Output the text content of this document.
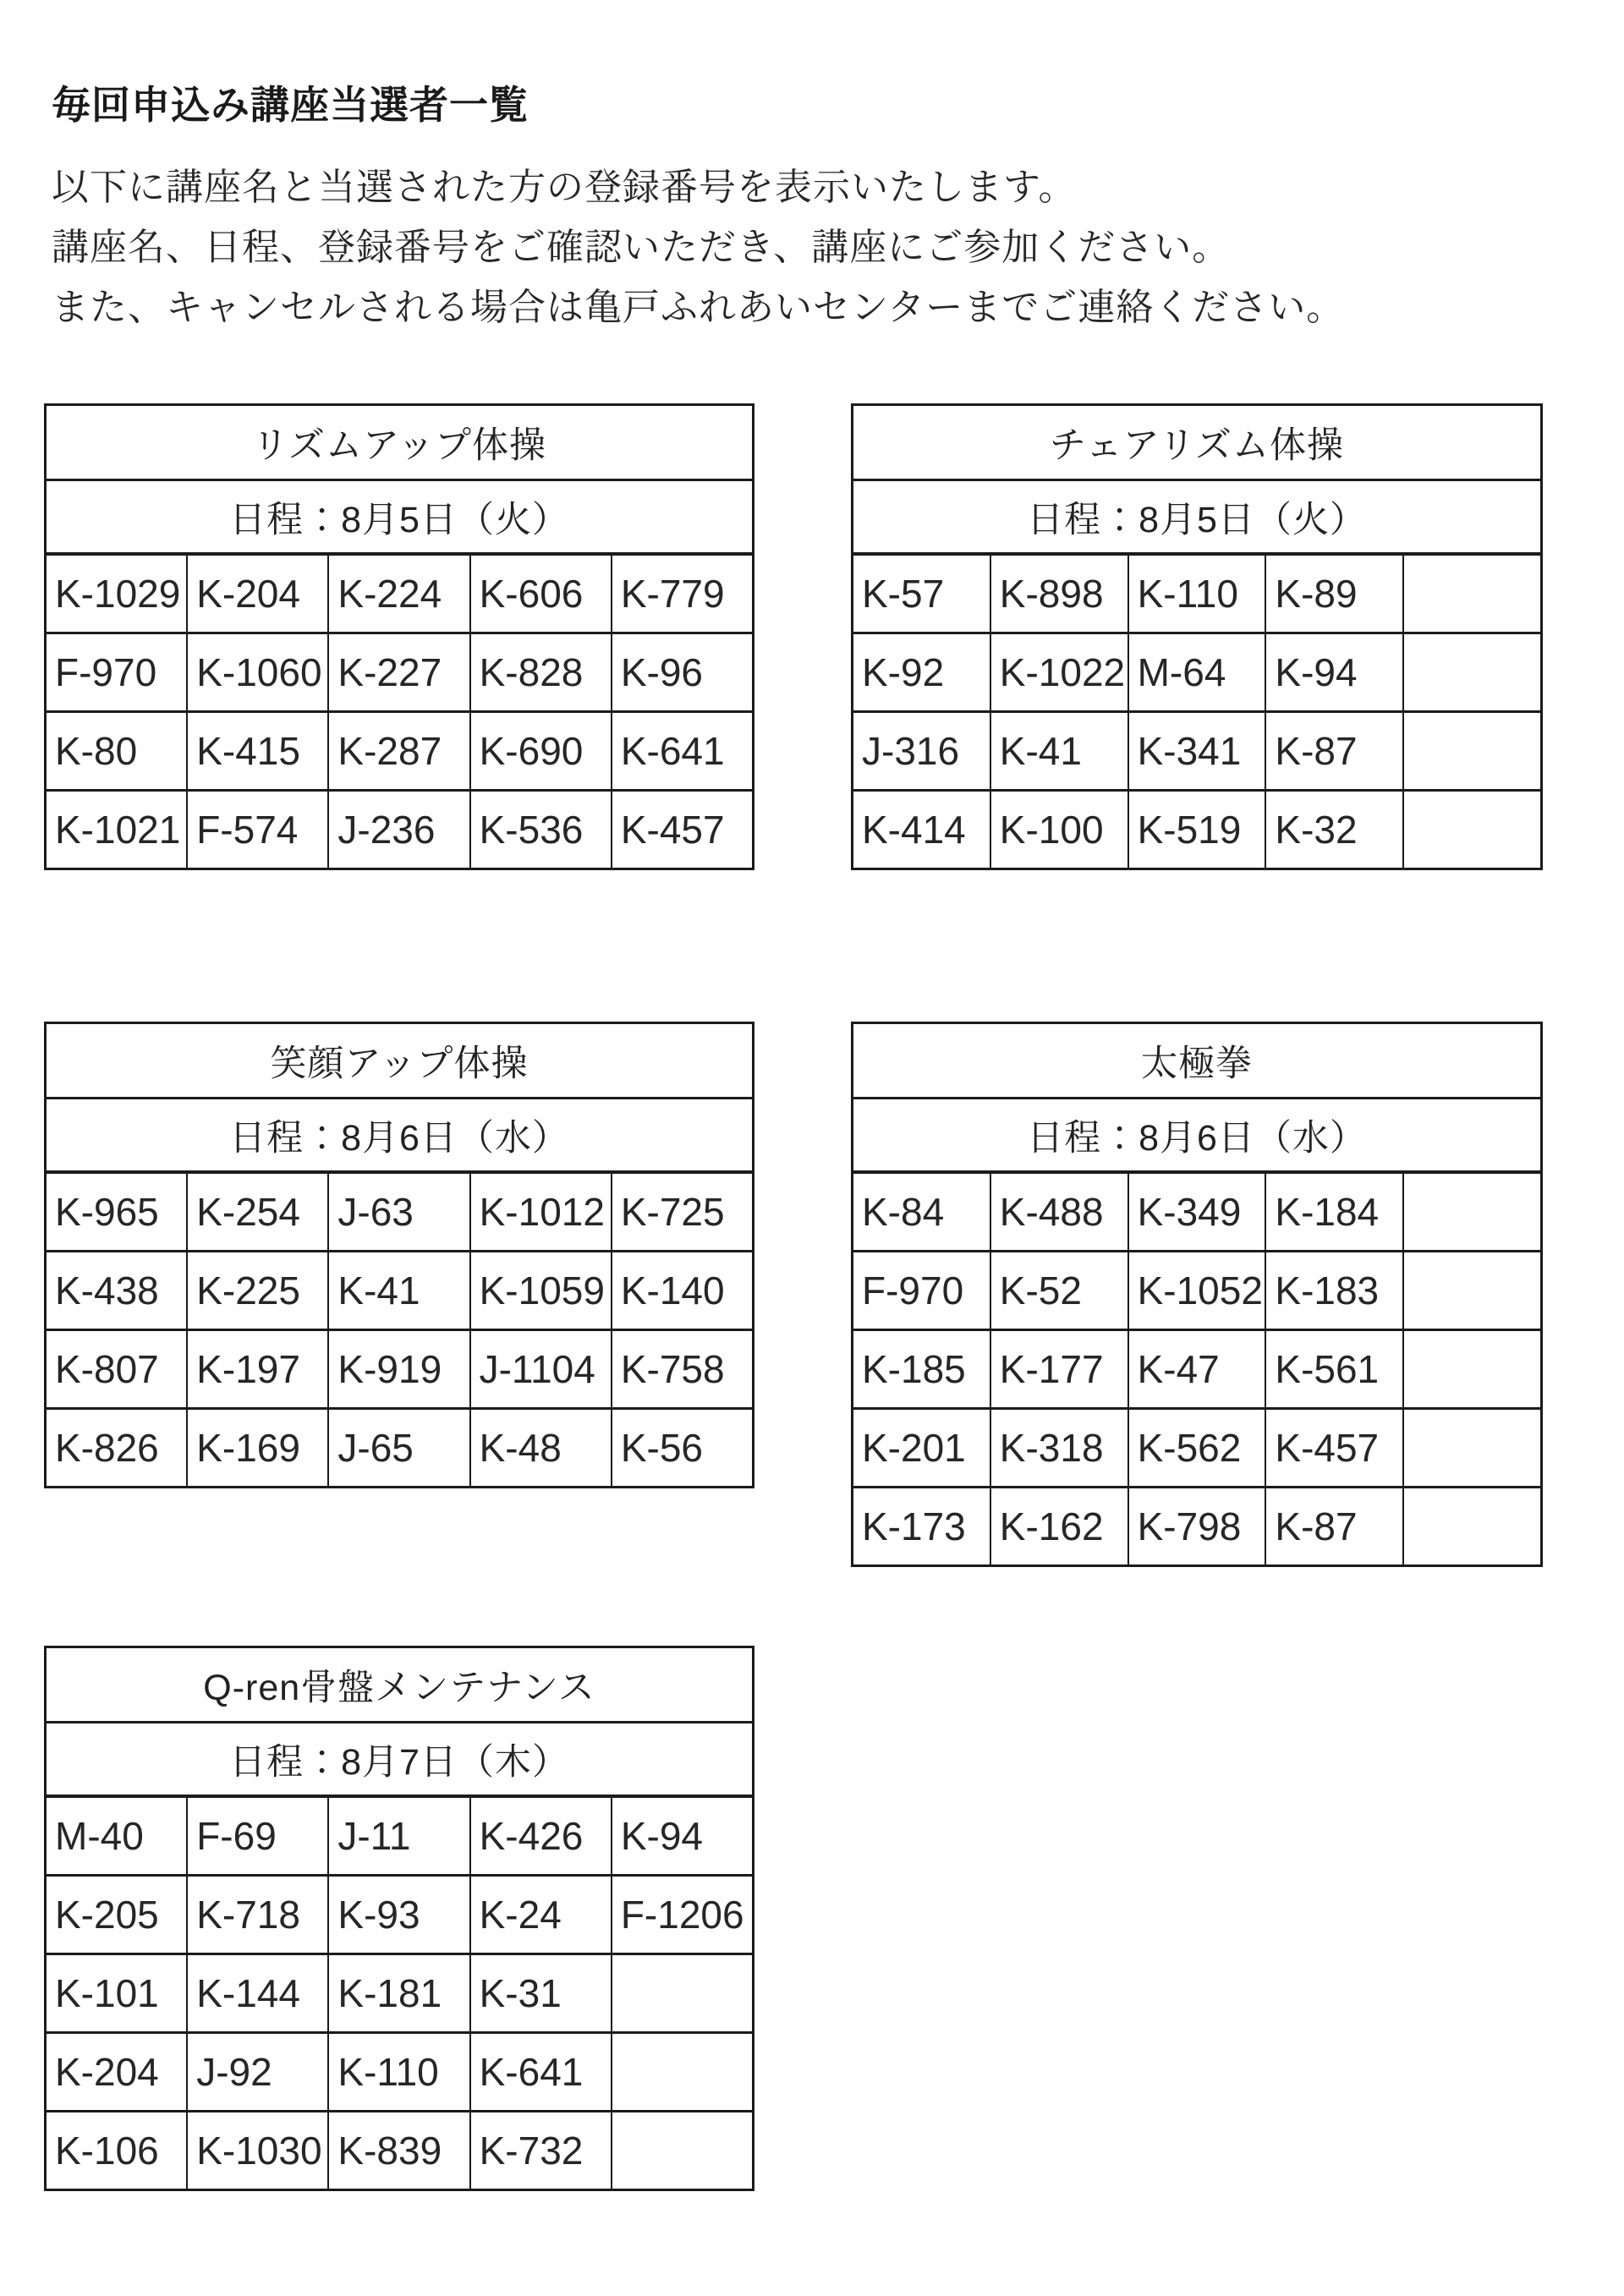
毎回申込み講座当選者一覧

以下に講座名と当選された方の登録番号を表示いたします。

講座名、日程、登録番号をご確認いただき、講座にご参加ください。

また、キャンセルされる場合は亀戸ふれあいセンターまでご連絡ください。

リズムアップ体操
日程：8月5日（火）
K-1029 K-204 K-224 K-606 K-779
F-970	K-1060 K-227 K-828 K-96
K-80	K-415 K-287 K-690 K-641
K-1021 F-574	J-236	K-536 K-457
チェアリズム体操
日程：8月5日（火）
K-57	K-898 K-110 K-89
K-92	K-1022 M-64	K-94
J-316	K-41	K-341 K-87
K-414 K-100 K-519 K-32
笑顔アップ体操
日程：8月6日（水）
K-965 K-254 J-63	K-1012 K-725
K-438 K-225 K-41	K-1059 K-140
K-807 K-197 K-919 J-1104 K-758
K-826 K-169 J-65	K-48	K-56
太極拳
日程：8月6日（水）
K-84	K-488 K-349 K-184
F-970 K-52	K-1052 K-183
K-185 K-177 K-47	K-561
K-201 K-318 K-562 K-457
K-173 K-162 K-798 K-87
Q-ren骨盤メンテナンス
日程：8月7日（木）
M-40	F-69	J-11	K-426 K-94
K-205 K-718 K-93	K-24	F-1206
K-101 K-144 K-181 K-31
K-204 J-92	K-110	K-641
K-106 K-1030 K-839 K-732
